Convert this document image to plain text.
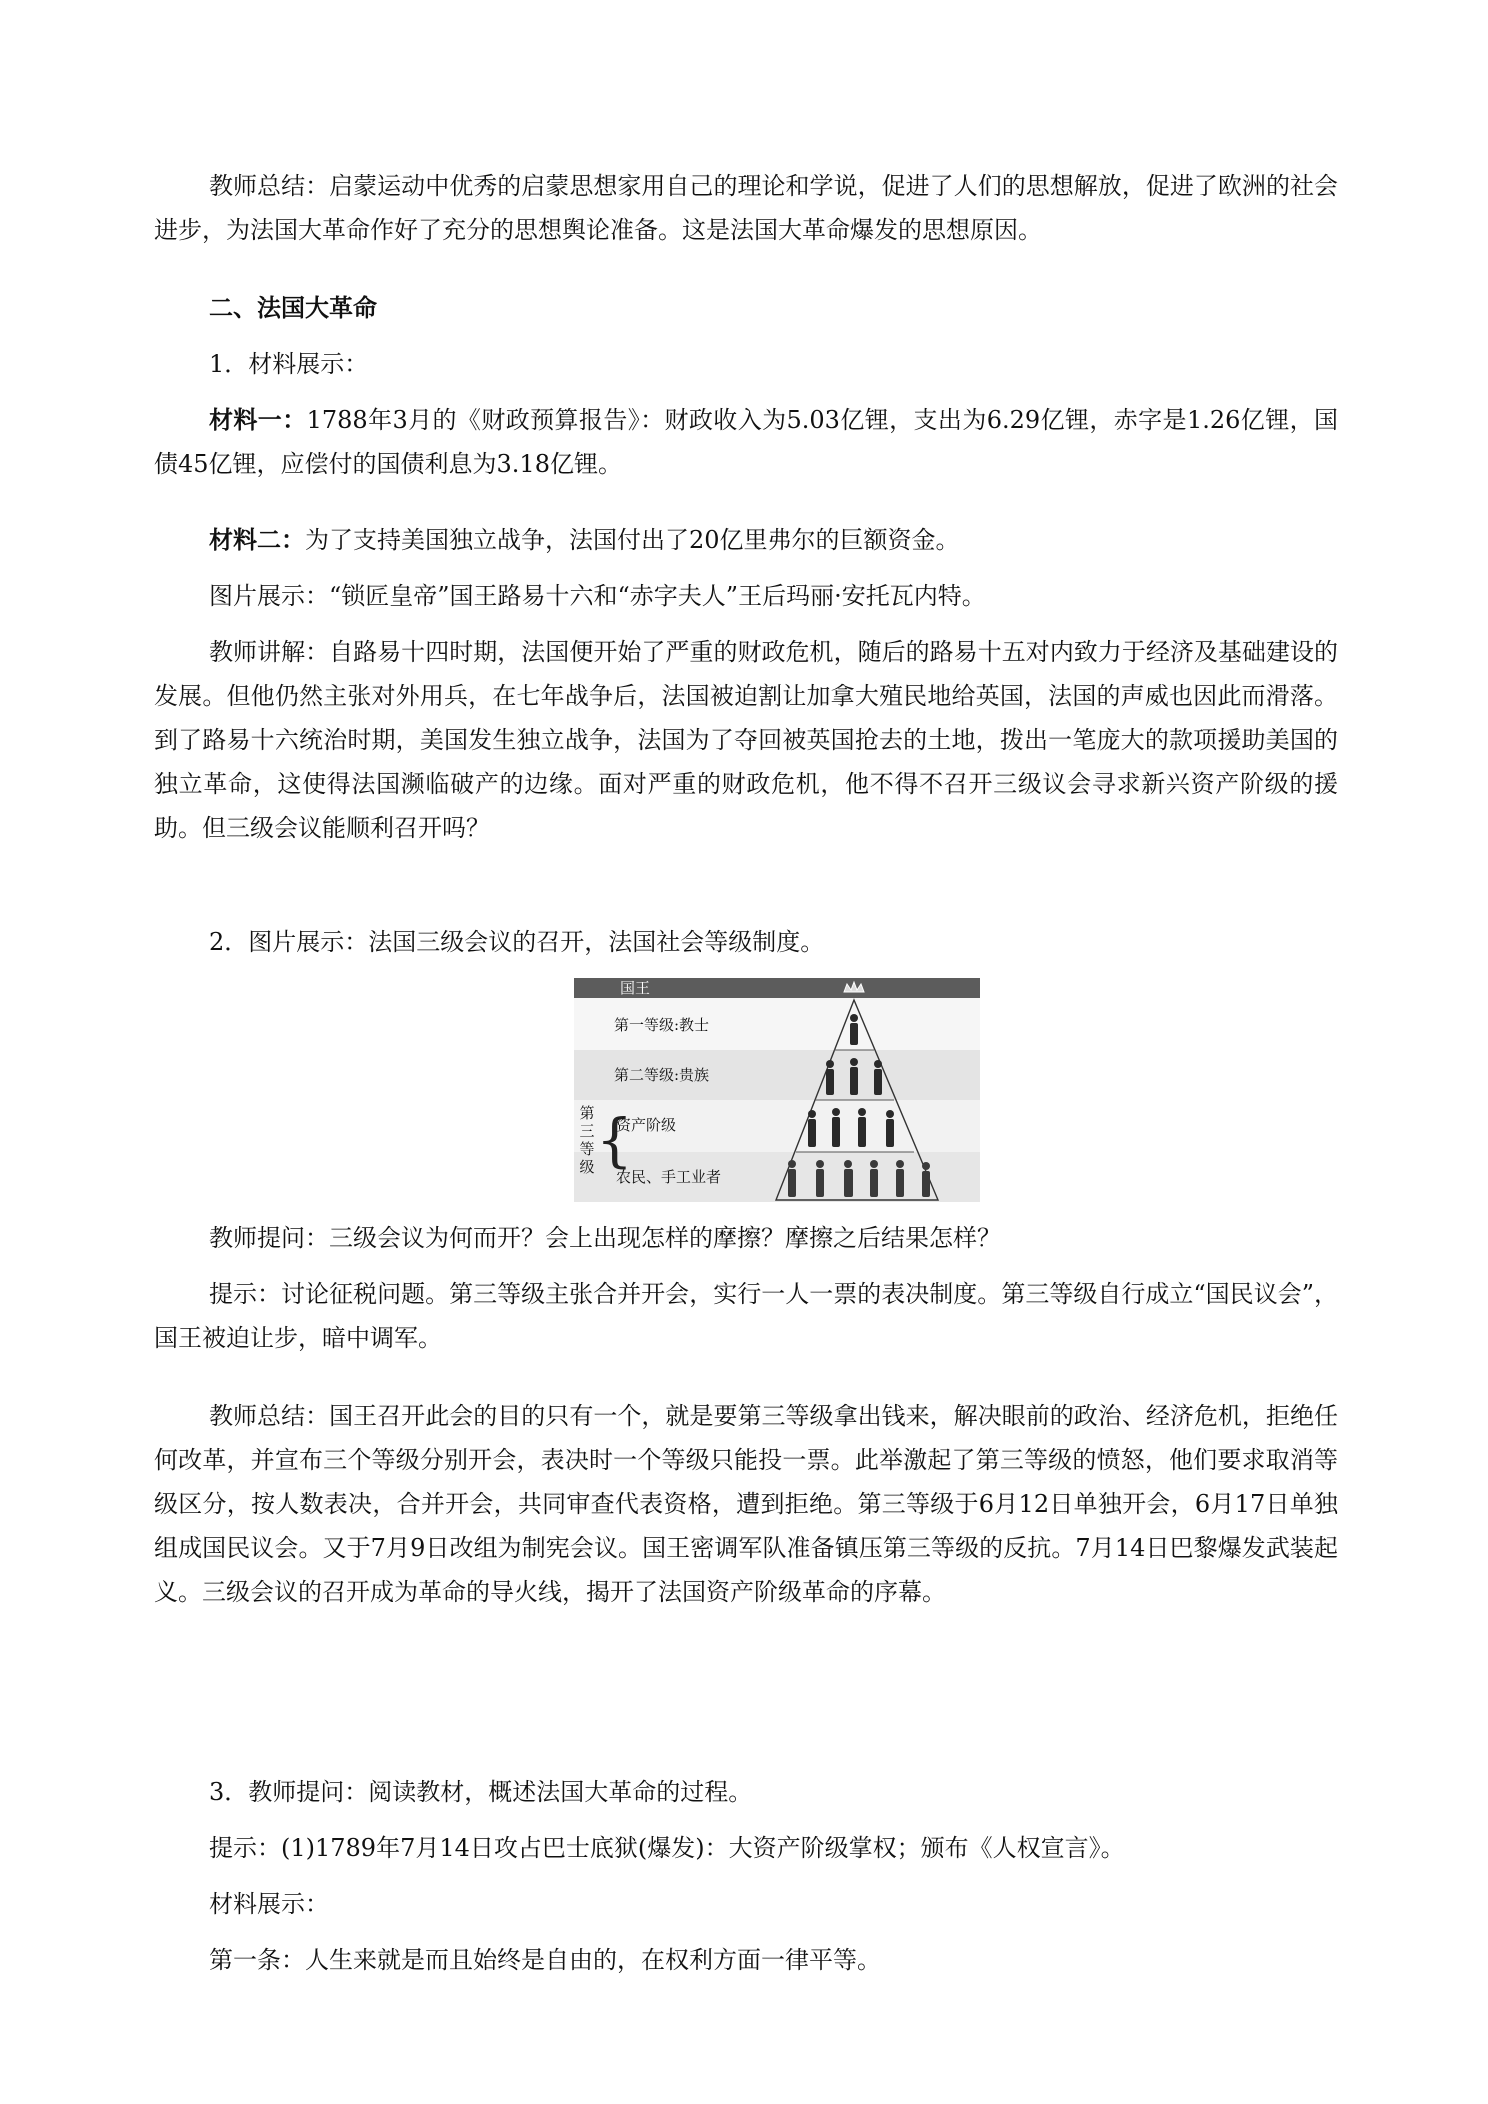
教师总结：启蒙运动中优秀的启蒙思想家用自己的理论和学说，促进了人们的思想解放，促进了欧洲的社会进步，为法国大革命作好了充分的思想舆论准备。这是法国大革命爆发的思想原因。

二、法国大革命

1．材料展示：

材料一：1788年3月的《财政预算报告》：财政收入为5.03亿锂，支出为6.29亿锂，赤字是1.26亿锂，国债45亿锂，应偿付的国债利息为3.18亿锂。

材料二：为了支持美国独立战争，法国付出了20亿里弗尔的巨额资金。

图片展示：“锁匠皇帝”国王路易十六和“赤字夫人”王后玛丽·安托瓦内特。

教师讲解：自路易十四时期，法国便开始了严重的财政危机，随后的路易十五对内致力于经济及基础建设的发展。但他仍然主张对外用兵，在七年战争后，法国被迫割让加拿大殖民地给英国，法国的声威也因此而滑落。到了路易十六统治时期，美国发生独立战争，法国为了夺回被英国抢去的土地，拨出一笔庞大的款项援助美国的独立革命，这使得法国濒临破产的边缘。面对严重的财政危机，他不得不召开三级议会寻求新兴资产阶级的援助。但三级会议能顺利召开吗？

2．图片展示：法国三级会议的召开，法国社会等级制度。

国王
第一等级:教士
第二等级:贵族
第三等级 {
资产阶级
农民、手工业者

教师提问：三级会议为何而开？会上出现怎样的摩擦？摩擦之后结果怎样？

提示：讨论征税问题。第三等级主张合并开会，实行一人一票的表决制度。第三等级自行成立“国民议会”，国王被迫让步，暗中调军。

教师总结：国王召开此会的目的只有一个，就是要第三等级拿出钱来，解决眼前的政治、经济危机，拒绝任何改革，并宣布三个等级分别开会，表决时一个等级只能投一票。此举激起了第三等级的愤怒，他们要求取消等级区分，按人数表决，合并开会，共同审查代表资格，遭到拒绝。第三等级于6月12日单独开会，6月17日单独组成国民议会。又于7月9日改组为制宪会议。国王密调军队准备镇压第三等级的反抗。7月14日巴黎爆发武装起义。三级会议的召开成为革命的导火线，揭开了法国资产阶级革命的序幕。

3．教师提问：阅读教材，概述法国大革命的过程。

提示：(1)1789年7月14日攻占巴士底狱(爆发)：大资产阶级掌权；颁布《人权宣言》。

材料展示：

第一条：人生来就是而且始终是自由的，在权利方面一律平等。
